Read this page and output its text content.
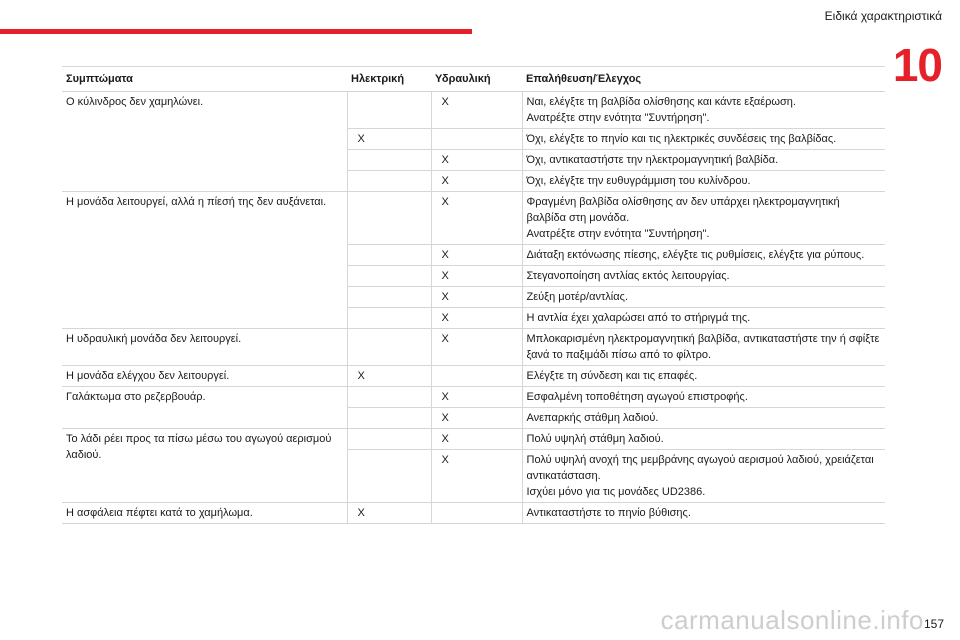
Ειδικά χαρακτηριστικά
10
Συμπτώματα	Ηλεκτρική	Υδραυλική	Επαλήθευση/Έλεγχος
Ο κύλινδρος δεν χαμηλώνει.		X	Ναι, ελέγξτε τη βαλβίδα ολίσθησης και κάντε εξαέρωση.
Ανατρέξτε στην ενότητα "Συντήρηση".

	X		Όχι, ελέγξτε το πηνίο και τις ηλεκτρικές συνδέσεις της βαλβίδας.

		X	Όχι, αντικαταστήστε την ηλεκτρομαγνητική βαλβίδα.

		X	Όχι, ελέγξτε την ευθυγράμμιση του κυλίνδρου.

Η μονάδα λειτουργεί, αλλά η πίεσή της δεν αυξάνεται.		X	Φραγμένη βαλβίδα ολίσθησης αν δεν υπάρχει ηλεκτρομαγνητική βαλβίδα στη μονάδα.
Ανατρέξτε στην ενότητα "Συντήρηση".

		X	Διάταξη εκτόνωσης πίεσης, ελέγξτε τις ρυθμίσεις, ελέγξτε για ρύπους.

		X	Στεγανοποίηση αντλίας εκτός λειτουργίας.

		X	Ζεύξη μοτέρ/αντλίας.

		X	Η αντλία έχει χαλαρώσει από το στήριγμά της.

Η υδραυλική μονάδα δεν λειτουργεί.		X	Μπλοκαρισμένη ηλεκτρομαγνητική βαλβίδα, αντικαταστήστε την ή σφίξτε ξανά το παξιμάδι πίσω από το φίλτρο.

Η μονάδα ελέγχου δεν λειτουργεί.	X		Ελέγξτε τη σύνδεση και τις επαφές.

Γαλάκτωμα στο ρεζερβουάρ.		X	Εσφαλμένη τοποθέτηση αγωγού επιστροφής.

		X	Ανεπαρκής στάθμη λαδιού.

Το λάδι ρέει προς τα πίσω μέσω του αγωγού αερισμού λαδιού.		X	Πολύ υψηλή στάθμη λαδιού.

		X	Πολύ υψηλή ανοχή της μεμβράνης αγωγού αερισμού λαδιού, χρειάζεται αντικατάσταση.
Ισχύει μόνο για τις μονάδες UD2386.

Η ασφάλεια πέφτει κατά το χαμήλωμα.	X		Αντικαταστήστε το πηνίο βύθισης.
carmanualsonline.info 157
